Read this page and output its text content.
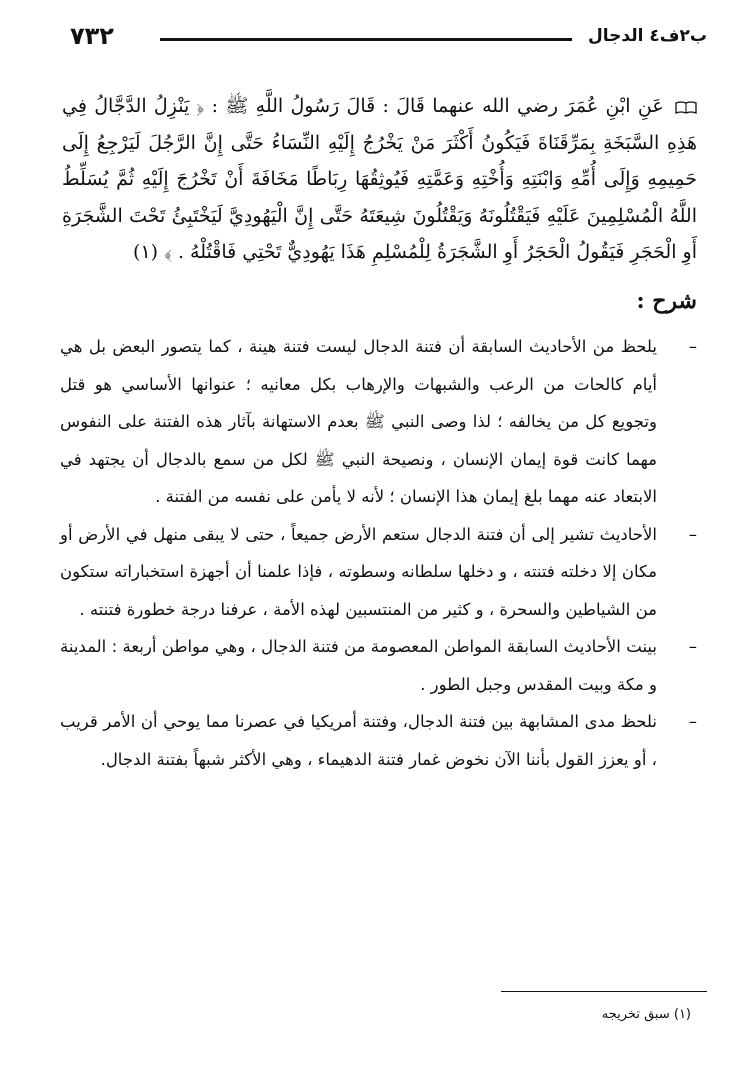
ب٢ف٤ الدجال
٧٣٢
عَنِ ابْنِ عُمَرَ رضي الله عنهما قَالَ : قَالَ رَسُولُ اللَّهِ ﷺ : ﴿ يَنْزِلُ الدَّجَّالُ فِي هَذِهِ السَّبَخَةِ بِمَرِّقَنَاةَ فَيَكُونُ أَكْثَرَ مَنْ يَخْرُجُ إِلَيْهِ النِّسَاءُ حَتَّى إِنَّ الرَّجُلَ لَيَرْجِعُ إِلَى حَمِيمِهِ وَإِلَى أُمِّهِ وَابْنَتِهِ وَأُخْتِهِ وَعَمَّتِهِ فَيُوثِقُهَا رِبَاطًا مَخَافَةَ أَنْ تَخْرُجَ إِلَيْهِ ثُمَّ يُسَلِّطُ اللَّهُ الْمُسْلِمِينَ عَلَيْهِ فَيَقْتُلُونَهُ وَيَقْتُلُونَ شِيعَتَهُ حَتَّى إِنَّ الْيَهُودِيَّ لَيَخْتَبِئُ تَحْتَ الشَّجَرَةِ أَوِ الْحَجَرِ فَيَقُولُ الْحَجَرُ أَوِ الشَّجَرَةُ لِلْمُسْلِمِ هَذَا يَهُودِيٌّ تَحْتِي فَاقْتُلْهُ . ﴾ (١)
شرح :
–
يلحظ من الأحاديث السابقة أن فتنة الدجال ليست فتنة هينة ، كما يتصور البعض بل هي أيام كالحات من الرعب والشبهات والإرهاب بكل معانيه ؛ عنوانها الأساسي هو قتل وتجويع كل من يخالفه ؛ لذا وصى النبي ﷺ بعدم الاستهانة بآثار هذه الفتنة على النفوس مهما كانت قوة إيمان الإنسان ، ونصيحة النبي ﷺ لكل من سمع بالدجال أن يجتهد في الابتعاد عنه مهما بلغ إيمان هذا الإنسان ؛ لأنه لا يأمن على نفسه من الفتنة .
–
الأحاديث تشير إلى أن فتنة الدجال ستعم الأرض جميعاً ، حتى لا يبقى منهل في الأرض أو مكان إلا دخلته فتنته ، و دخلها سلطانه وسطوته ، فإذا علمنا أن أجهزة استخباراته ستكون من الشياطين والسحرة ، و كثير من المنتسبين لهذه الأمة ، عرفنا درجة خطورة فتنته .
–
بينت الأحاديث السابقة المواطن المعصومة من فتنة الدجال ، وهي مواطن أربعة : المدينة و مكة وبيت المقدس وجبل الطور .
–
نلحظ مدى المشابهة بين فتنة الدجال، وفتنة أمريكيا في عصرنا مما يوحي أن الأمر قريب ، أو يعزز القول بأننا الآن نخوض غمار فتنة الدهيماء ، وهي الأكثر شبهاً بفتنة الدجال.
(١) سبق تخريجه
